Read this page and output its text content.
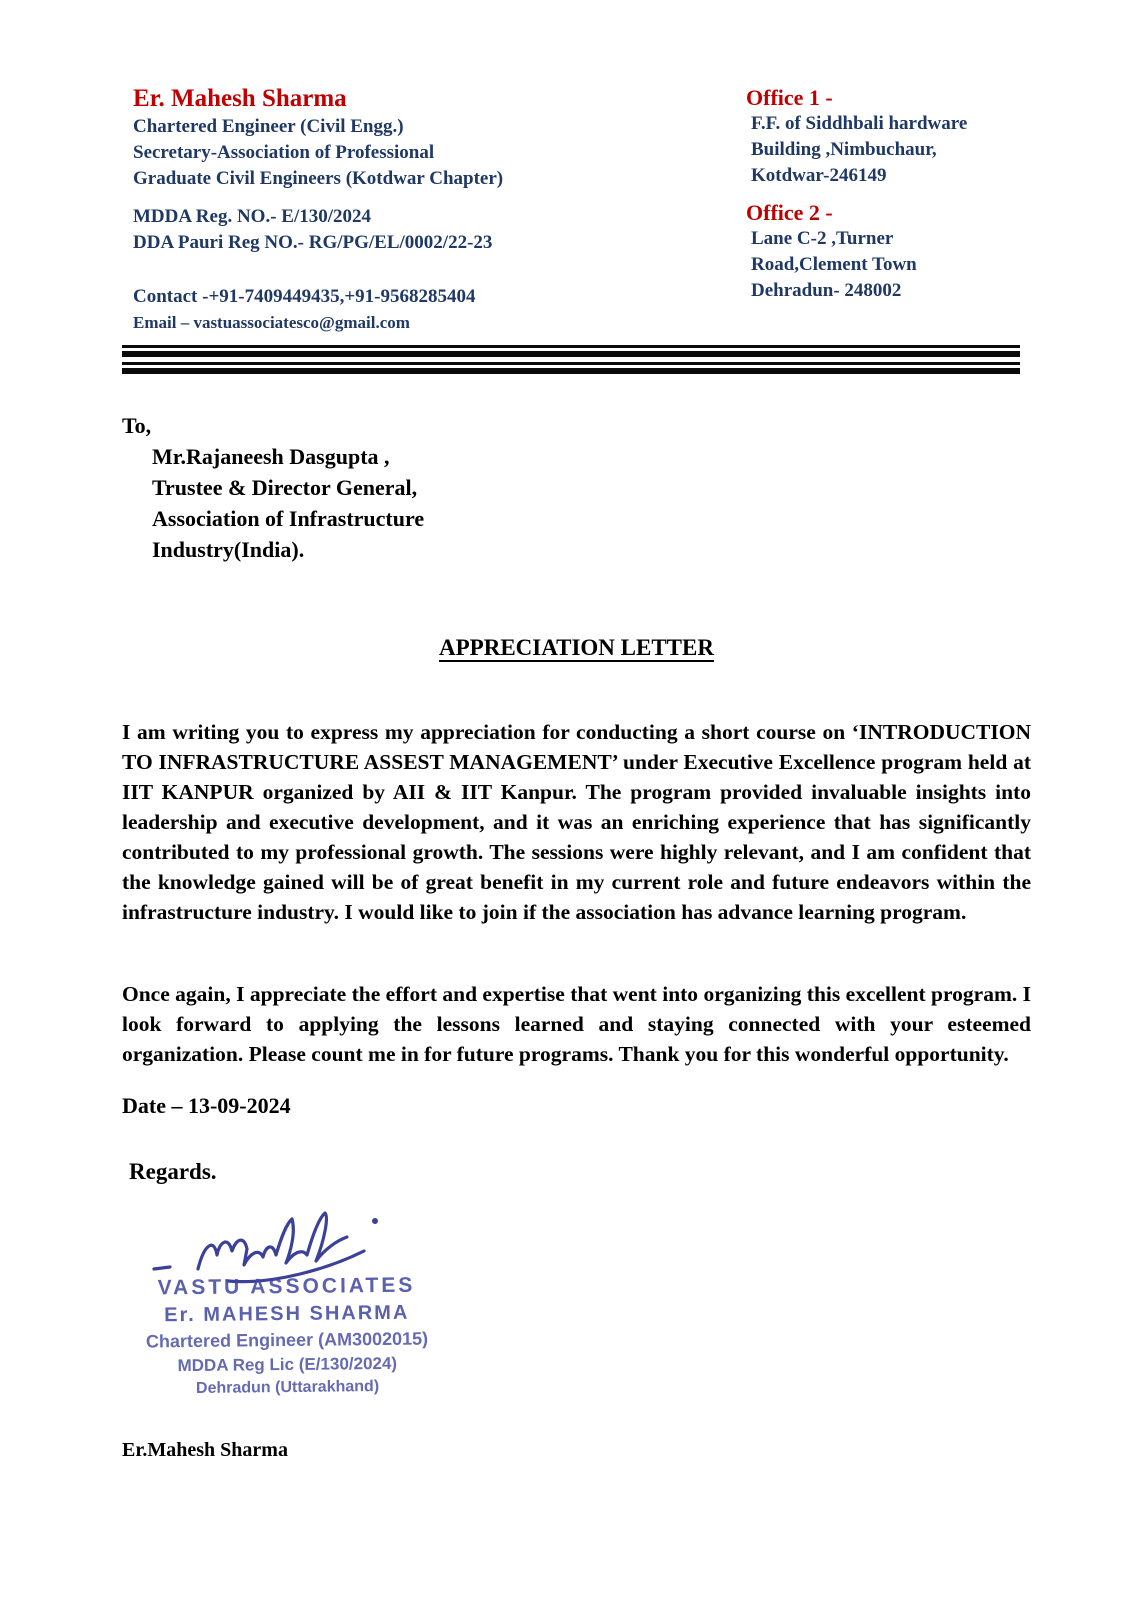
Er. Mahesh Sharma
Chartered Engineer (Civil Engg.)
Secretary-Association of Professional
Graduate Civil Engineers (Kotdwar Chapter)
MDDA Reg. NO.- E/130/2024
DDA Pauri Reg NO.- RG/PG/EL/0002/22-23
Contact -+91-7409449435,+91-9568285404
Email – vastuassociatesco@gmail.com
Office 1 -
F.F. of Siddhbali hardware
Building ,Nimbuchaur,
Kotdwar-246149
Office 2 -
Lane C-2 ,Turner
Road,Clement Town
Dehradun- 248002
To,
Mr.Rajaneesh Dasgupta ,
Trustee & Director General,
Association of Infrastructure
Industry(India).
APPRECIATION LETTER

I am writing you to express my appreciation for conducting a short course on ‘INTRODUCTION TO INFRASTRUCTURE ASSEST MANAGEMENT’ under Executive Excellence program held at IIT KANPUR organized by AII & IIT Kanpur. The program provided invaluable insights into leadership and executive development, and it was an enriching experience that has significantly contributed to my professional growth. The sessions were highly relevant, and I am confident that the knowledge gained will be of great benefit in my current role and future endeavors within the infrastructure industry. I would like to join if the association has advance learning program.

Once again, I appreciate the effort and expertise that went into organizing this excellent program. I look forward to applying the lessons learned and staying connected with your esteemed organization. Please count me in for future programs. Thank you for this wonderful opportunity.

Date – 13-09-2024
Regards.
VASTU ASSOCIATES
Er. MAHESH SHARMA
Chartered Engineer (AM3002015)
MDDA Reg Lic (E/130/2024)
Dehradun (Uttarakhand)
Er.Mahesh Sharma
